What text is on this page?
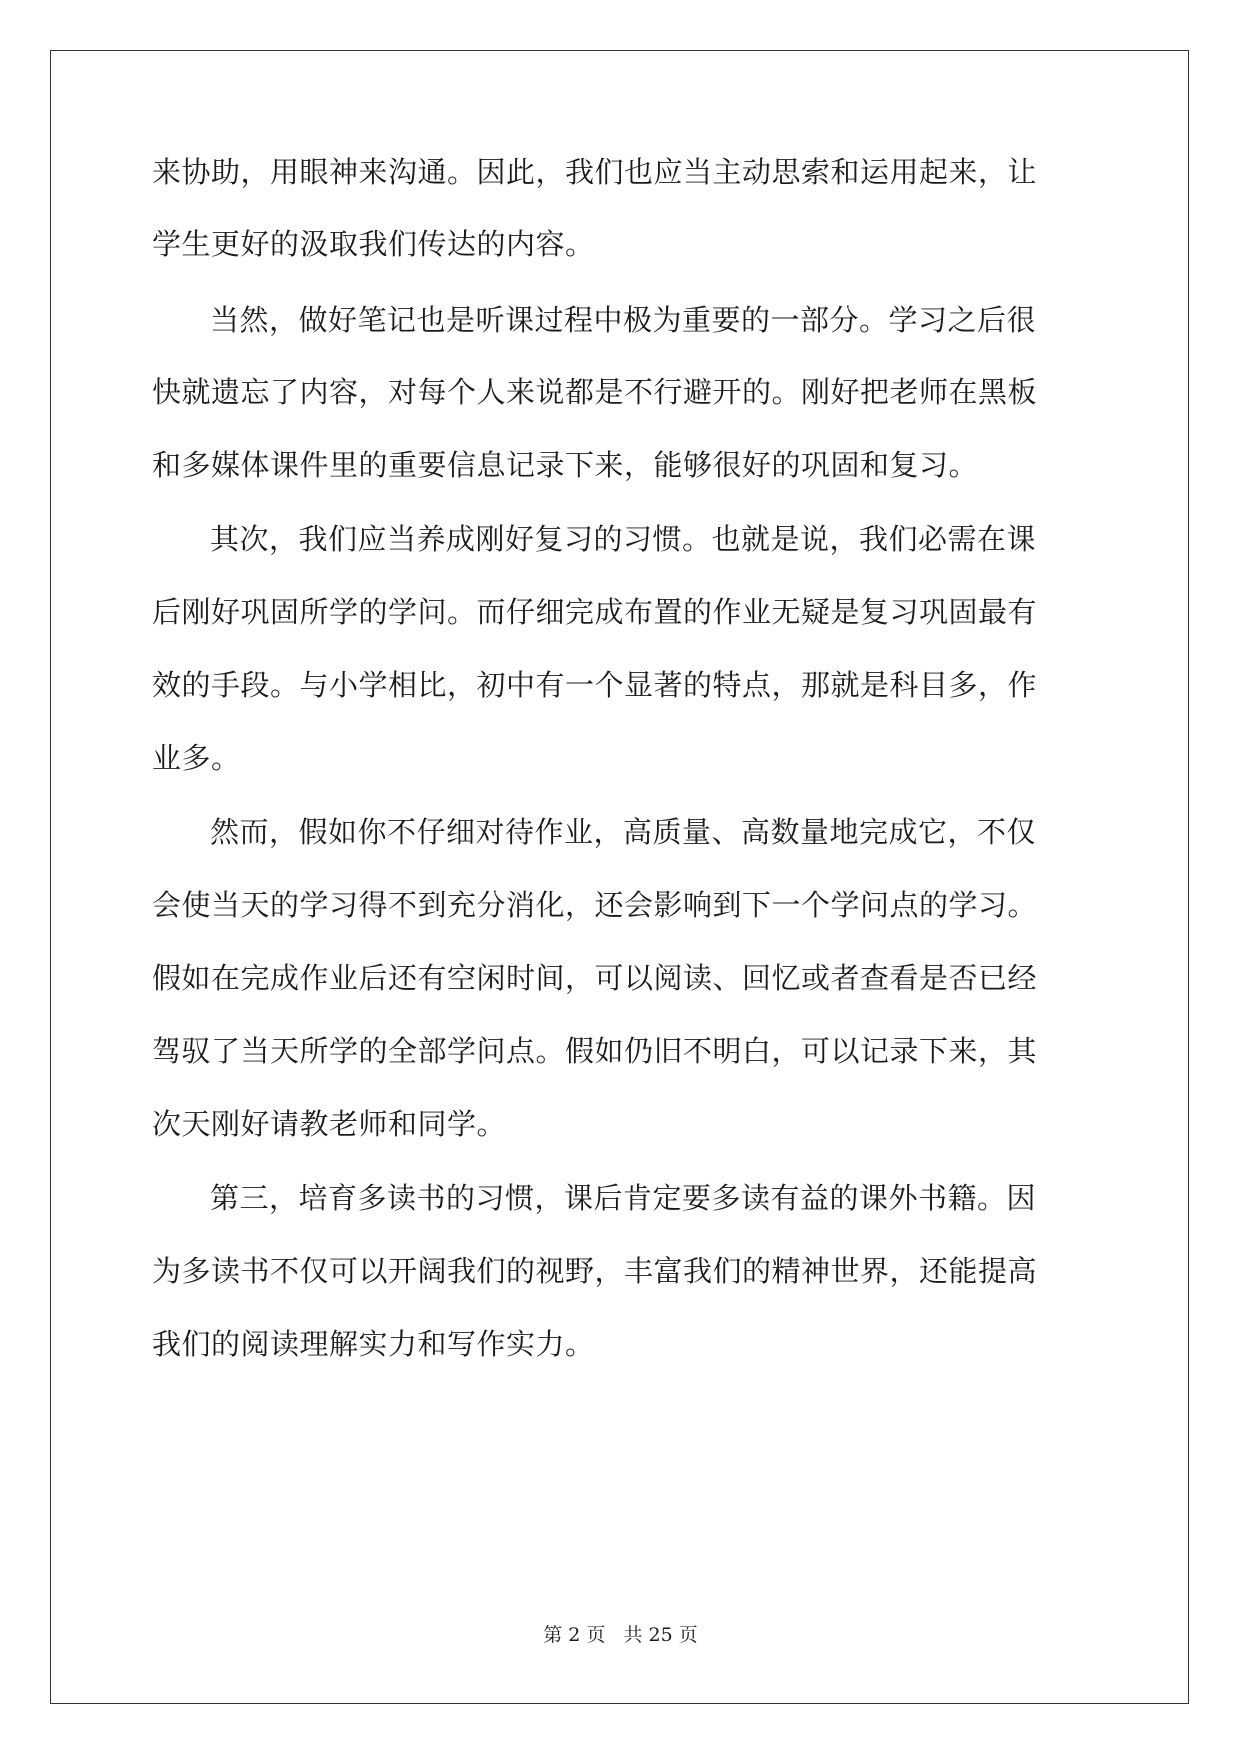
来协助，用眼神来沟通。因此，我们也应当主动思索和运用起来，让
学生更好的汲取我们传达的内容。
当然，做好笔记也是听课过程中极为重要的一部分。学习之后很
快就遗忘了内容，对每个人来说都是不行避开的。刚好把老师在黑板
和多媒体课件里的重要信息记录下来，能够很好的巩固和复习。
其次，我们应当养成刚好复习的习惯。也就是说，我们必需在课
后刚好巩固所学的学问。而仔细完成布置的作业无疑是复习巩固最有
效的手段。与小学相比，初中有一个显著的特点，那就是科目多，作
业多。
然而，假如你不仔细对待作业，高质量、高数量地完成它，不仅
会使当天的学习得不到充分消化，还会影响到下一个学问点的学习。
假如在完成作业后还有空闲时间，可以阅读、回忆或者查看是否已经
驾驭了当天所学的全部学问点。假如仍旧不明白，可以记录下来，其
次天刚好请教老师和同学。
第三，培育多读书的习惯，课后肯定要多读有益的课外书籍。因
为多读书不仅可以开阔我们的视野，丰富我们的精神世界，还能提高
我们的阅读理解实力和写作实力。
第 2 页 共 25 页
